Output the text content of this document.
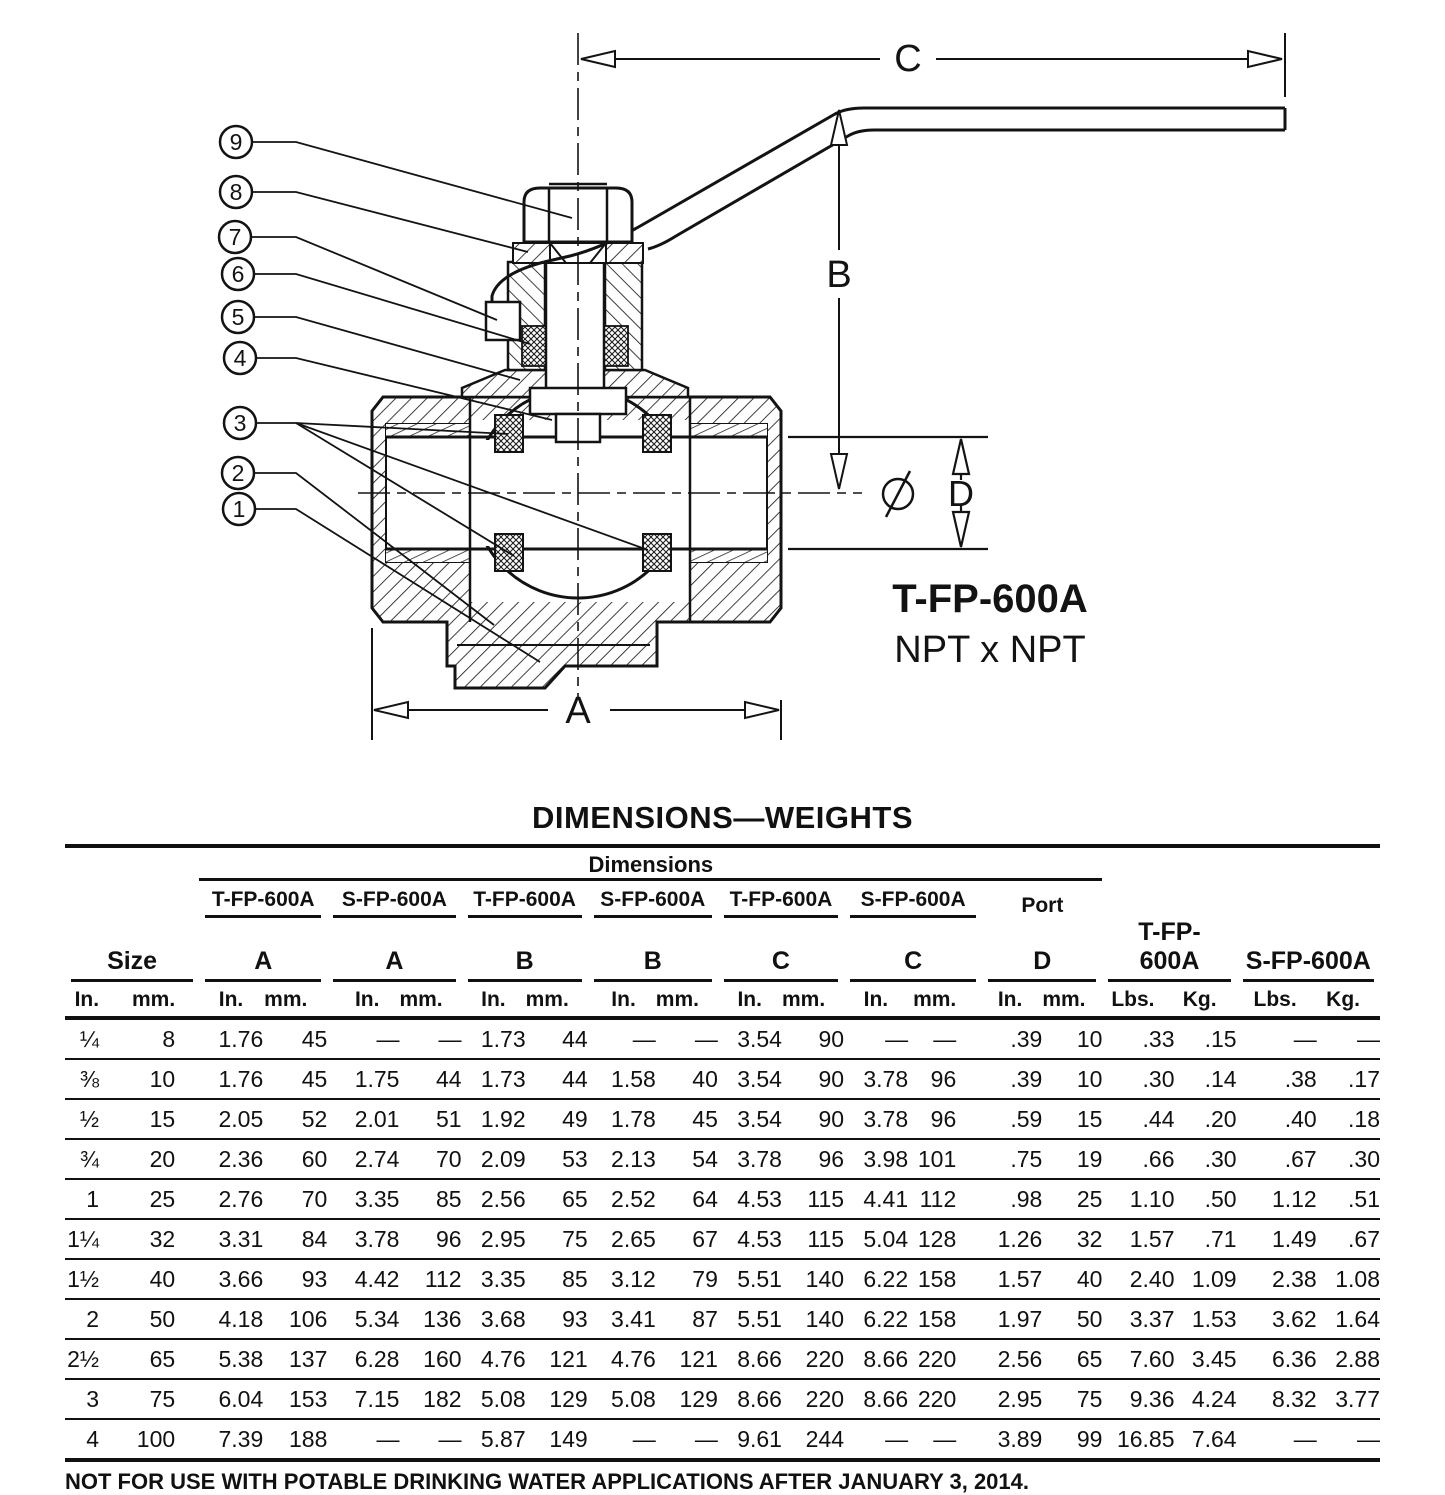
C
B
D
A
T-FP-600A
NPT x NPT
9
8
7
6
5
4
3
2
1
DIMENSIONS—WEIGHTS
		Dimensions																	

		T-FP-600A		S-FP-600A		T-FP-600A		S-FP-600A		T-FP-600A		S-FP-600A		Port					

Size		A		A		B		B		C		C		D		T-FP-600A		S-FP-600A	

In.	mm.	In.	mm.	In.	mm.	In.	mm.	In.	mm.	In.	mm.	In.	mm.	In.	mm.	Lbs.	Kg.	Lbs.	Kg.
¼	8	1.76	45	—	—	1.73	44	—	—	3.54	90	—	—	.39	10	.33	.15	—	—
⅜	10	1.76	45	1.75	44	1.73	44	1.58	40	3.54	90	3.78	96	.39	10	.30	.14	.38	.17
½	15	2.05	52	2.01	51	1.92	49	1.78	45	3.54	90	3.78	96	.59	15	.44	.20	.40	.18
¾	20	2.36	60	2.74	70	2.09	53	2.13	54	3.78	96	3.98	101	.75	19	.66	.30	.67	.30
1	25	2.76	70	3.35	85	2.56	65	2.52	64	4.53	115	4.41	112	.98	25	1.10	.50	1.12	.51
1¼	32	3.31	84	3.78	96	2.95	75	2.65	67	4.53	115	5.04	128	1.26	32	1.57	.71	1.49	.67
1½	40	3.66	93	4.42	112	3.35	85	3.12	79	5.51	140	6.22	158	1.57	40	2.40	1.09	2.38	1.08
2	50	4.18	106	5.34	136	3.68	93	3.41	87	5.51	140	6.22	158	1.97	50	3.37	1.53	3.62	1.64
2½	65	5.38	137	6.28	160	4.76	121	4.76	121	8.66	220	8.66	220	2.56	65	7.60	3.45	6.36	2.88
3	75	6.04	153	7.15	182	5.08	129	5.08	129	8.66	220	8.66	220	2.95	75	9.36	4.24	8.32	3.77
4	100	7.39	188	—	—	5.87	149	—	—	9.61	244	—	—	3.89	99	16.85	7.64	—	—
NOT FOR USE WITH POTABLE DRINKING WATER APPLICATIONS AFTER JANUARY 3, 2014.
